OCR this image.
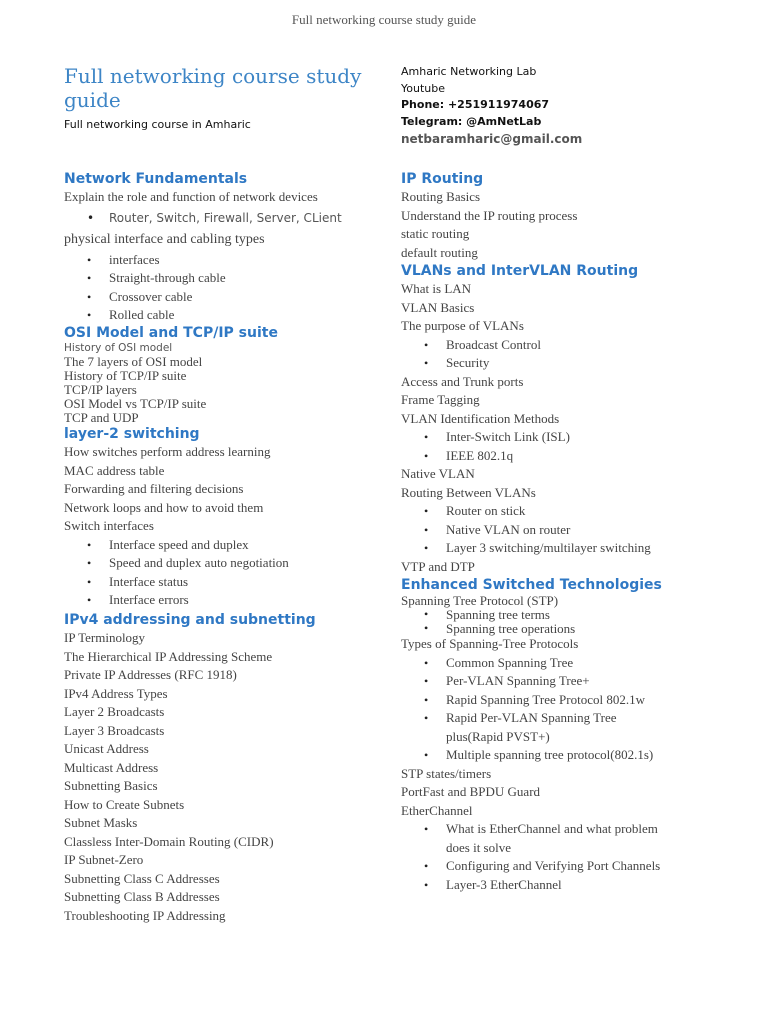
Full networking course study guide
Full networking course study guide
Full networking course in Amharic
Network Fundamentals
Explain the role and function of network devices
• Router, Switch, Firewall, Server, CLient
physical interface and cabling types
• interfaces
• Straight-through cable
• Crossover cable
• Rolled cable
OSI Model and TCP/IP suite
History of OSI model
The 7 layers of OSI model
History of TCP/IP suite
TCP/IP layers
OSI Model vs TCP/IP suite
TCP and UDP
layer-2 switching
How switches perform address learning
MAC address table
Forwarding and filtering decisions
Network loops and how to avoid them
Switch interfaces
• Interface speed and duplex
• Speed and duplex auto negotiation
• Interface status
• Interface errors
IPv4 addressing and subnetting
IP Terminology
The Hierarchical IP Addressing Scheme
Private IP Addresses (RFC 1918)
IPv4 Address Types
Layer 2 Broadcasts
Layer 3 Broadcasts
Unicast Address
Multicast Address
Subnetting Basics
How to Create Subnets
Subnet Masks
Classless Inter-Domain Routing (CIDR)
IP Subnet-Zero
Subnetting Class C Addresses
Subnetting Class B Addresses
Troubleshooting IP Addressing
Amharic Networking Lab
Youtube
Phone: +251911974067
Telegram: @AmNetLab
netbaramharic@gmail.com
IP Routing
Routing Basics
Understand the IP routing process
static routing
default routing
VLANs and InterVLAN Routing
What is LAN
VLAN Basics
The purpose of VLANs
• Broadcast Control
• Security
Access and Trunk ports
Frame Tagging
VLAN Identification Methods
• Inter-Switch Link (ISL)
• IEEE 802.1q
Native VLAN
Routing Between VLANs
• Router on stick
• Native VLAN on router
• Layer 3 switching/multilayer switching
VTP and DTP
Enhanced Switched Technologies
Spanning Tree Protocol (STP)
• Spanning tree terms
• Spanning tree operations
Types of Spanning-Tree Protocols
• Common Spanning Tree
• Per-VLAN Spanning Tree+
• Rapid Spanning Tree Protocol 802.1w
• Rapid Per-VLAN Spanning Tree
plus(Rapid PVST+)
• Multiple spanning tree protocol(802.1s)
STP states/timers
PortFast and BPDU Guard
EtherChannel
• What is EtherChannel and what problem
does it solve
• Configuring and Verifying Port Channels
• Layer-3 EtherChannel
